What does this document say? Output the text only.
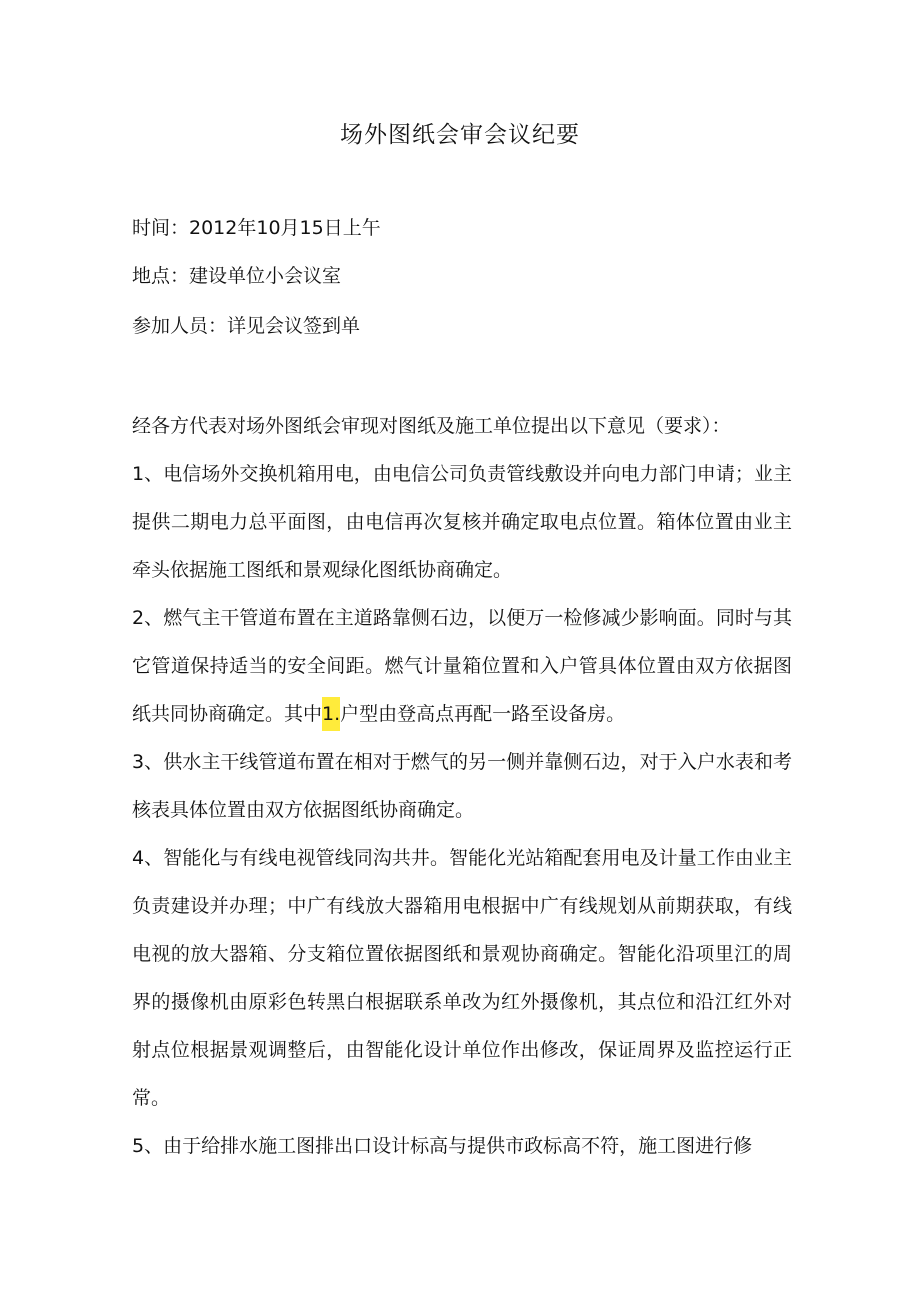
场外图纸会审会议纪要
时间：2012年10月15日上午
地点：建设单位小会议室
参加人员：详见会议签到单

经各方代表对场外图纸会审现对图纸及施工单位提出以下意见（要求）：

1、电信场外交换机箱用电，由电信公司负责管线敷设并向电力部门申请；业主提供二期电力总平面图，由电信再次复核并确定取电点位置。箱体位置由业主牵头依据施工图纸和景观绿化图纸协商确定。

2、燃气主干管道布置在主道路靠侧石边，以便万一检修减少影响面。同时与其它管道保持适当的安全间距。燃气计量箱位置和入户管具体位置由双方依据图纸共同协商确定。其中1.户型由登高点再配一路至设备房。

3、供水主干线管道布置在相对于燃气的另一侧并靠侧石边，对于入户水表和考核表具体位置由双方依据图纸协商确定。

4、智能化与有线电视管线同沟共井。智能化光站箱配套用电及计量工作由业主负责建设并办理；中广有线放大器箱用电根据中广有线规划从前期获取，有线电视的放大器箱、分支箱位置依据图纸和景观协商确定。智能化沿项里江的周界的摄像机由原彩色转黑白根据联系单改为红外摄像机，其点位和沿江红外对射点位根据景观调整后，由智能化设计单位作出修改，保证周界及监控运行正常。

5、由于给排水施工图排出口设计标高与提供市政标高不符，施工图进行修
